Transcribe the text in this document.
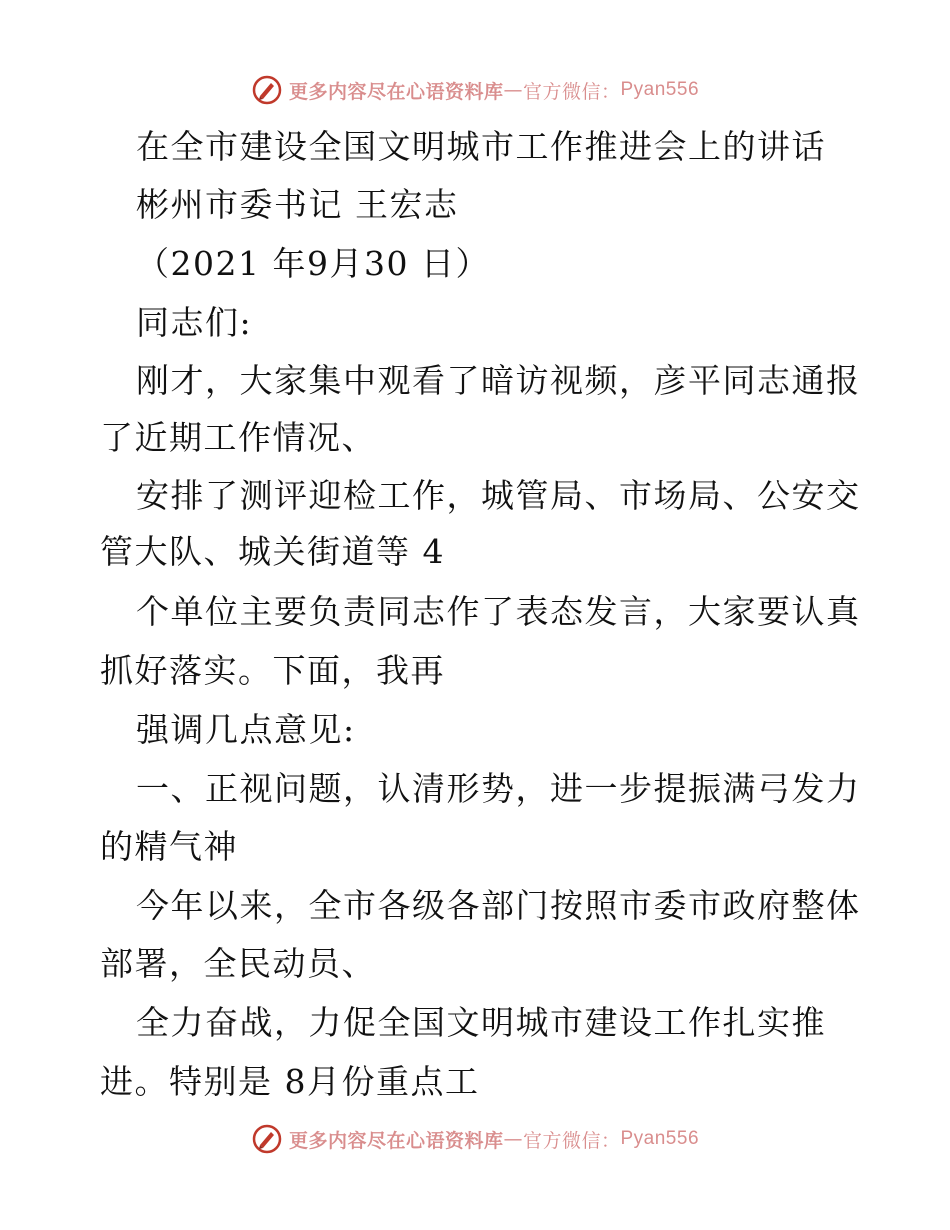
更多内容尽在心语资料库 — 官方微信： Pyan556
在全市建设全国文明城市工作推进会上的讲话
彬州市委书记 王宏志
（2021 年9月30 日）
同志们:
刚才，大家集中观看了暗访视频，彦平同志通报
了近期工作情况、
安排了测评迎检工作，城管局、市场局、公安交
管大队、城关街道等 4
个单位主要负责同志作了表态发言，大家要认真
抓好落实。下面，我再
强调几点意见:
一、正视问题，认清形势，进一步提振满弓发力
的精气神
今年以来，全市各级各部门按照市委市政府整体
部署，全民动员、
全力奋战，力促全国文明城市建设工作扎实推
进。特别是 8月份重点工
更多内容尽在心语资料库 — 官方微信： Pyan556
